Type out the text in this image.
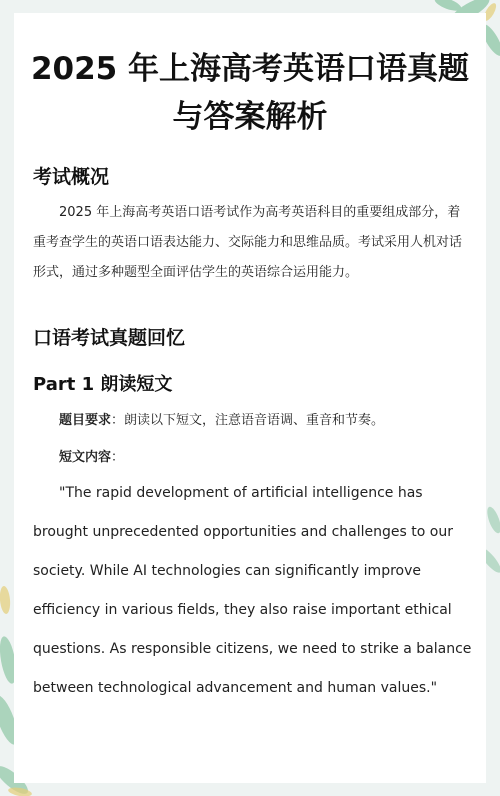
2025 年上海高考英语口语真题与答案解析
考试概况

2025 年上海高考英语口语考试作为高考英语科目的重要组成部分，着重考查学生的英语口语表达能力、交际能力和思维品质。考试采用人机对话形式，通过多种题型全面评估学生的英语综合运用能力。

口语考试真题回忆
Part 1 朗读短文

题目要求：朗读以下短文，注意语音语调、重音和节奏。

短文内容：

"The rapid development of artificial intelligence has brought unprecedented opportunities and challenges to our society. While AI technologies can significantly improve efficiency in various fields, they also raise important ethical questions. As responsible citizens, we need to strike a balance between technological advancement and human values."
